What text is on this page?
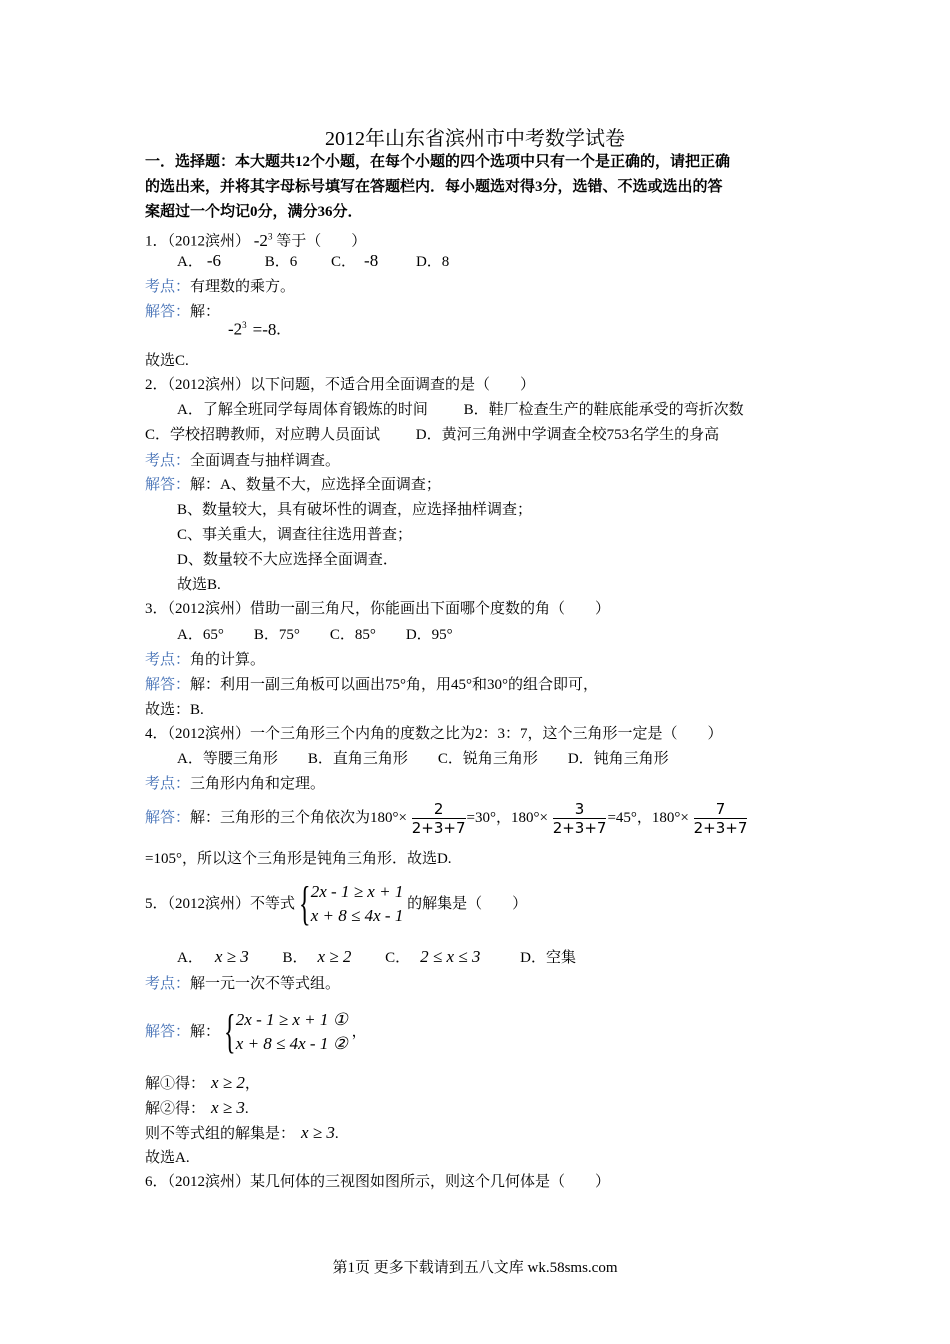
2012年山东省滨州市中考数学试卷
一．选择题：本大题共12个小题，在每个小题的四个选项中只有一个是正确的，请把正确
的选出来，并将其字母标号填写在答题栏内．每小题选对得3分，选错、不选或选出的答
案超过一个均记0分，满分36分．
1．（2012滨州） $-2^3$ 等于（　　）
A． -6	B．6 C． -8	D．8
考点：有理数的乘方。
解答：解：
$-2^3 =-8$.
故选C.
2．（2012滨州）以下问题，不适合用全面调查的是（　　）
A．了解全班同学每周体育锻炼的时间 B．鞋厂检查生产的鞋底能承受的弯折次数
C．学校招聘教师，对应聘人员面试 D．黄河三角洲中学调查全校753名学生的身高
考点：全面调查与抽样调查。
解答：解：A、数量不大，应选择全面调查；
B、数量较大，具有破坏性的调查，应选择抽样调查；
C、事关重大，调查往往选用普查；
D、数量较不大应选择全面调查．
故选B.
3．（2012滨州）借助一副三角尺，你能画出下面哪个度数的角（　　）
A．65°　　B．75°　　C．85°　　D．95°
考点：角的计算。
解答：解：利用一副三角板可以画出75°角，用45°和30°的组合即可，
故选：B.
4．（2012滨州）一个三角形三个内角的度数之比为2：3：7，这个三角形一定是（　　）
A．等腰三角形　　B．直角三角形　　C．锐角三角形　　D．钝角三角形
考点：三角形内角和定理。
解答：解：三角形的三个角依次为$180^\circ\times \frac{2}{2+3+7} =30^\circ$，$180^\circ\times \frac{3}{2+3+7} =45^\circ$，$180^\circ\times \frac{7}{2+3+7}$
=105°，所以这个三角形是钝角三角形．故选D.
5．（2012滨州）不等式 { 2x - 1 ≥ x + 1
x + 8 ≤ 4x - 1
的解集是（　　）
A． x ≥ 3 B． x ≥ 2 C． 2 ≤ x ≤ 3	D．空集
考点：解一元一次不等式组。
解答：解： { 2x - 1 ≥ x + 1 ①
x + 8 ≤ 4x - 1 ②
，
解①得： x ≥ 2，
解②得： x ≥ 3.
则不等式组的解集是： x ≥ 3.
故选A.
6．（2012滨州）某几何体的三视图如图所示，则这个几何体是（　　）
第1页 更多下载请到五八文库 wk.58sms.com
